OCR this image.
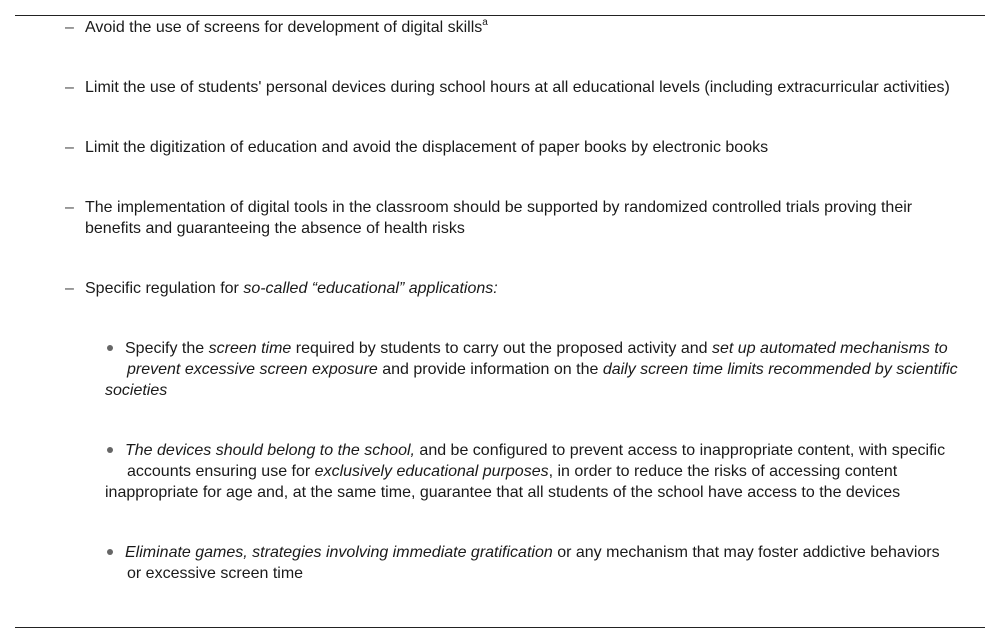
– Avoid the use of screens for development of digital skills$^a$
– Limit the use of students' personal devices during school hours at all educational levels (including extracurricular activities)
– Limit the digitization of education and avoid the displacement of paper books by electronic books
– The implementation of digital tools in the classroom should be supported by randomized controlled trials proving their
benefits and guaranteeing the absence of health risks
– Specific regulation for so-called “educational” applications:
Specify the screen time required by students to carry out the proposed activity and set up automated mechanisms to
prevent excessive screen exposure and provide information on the daily screen time limits recommended by scientific
societies
The devices should belong to the school, and be configured to prevent access to inappropriate content, with specific
accounts ensuring use for exclusively educational purposes, in order to reduce the risks of accessing content
inappropriate for age and, at the same time, guarantee that all students of the school have access to the devices
Eliminate games, strategies involving immediate gratification or any mechanism that may foster addictive behaviors
or excessive screen time
